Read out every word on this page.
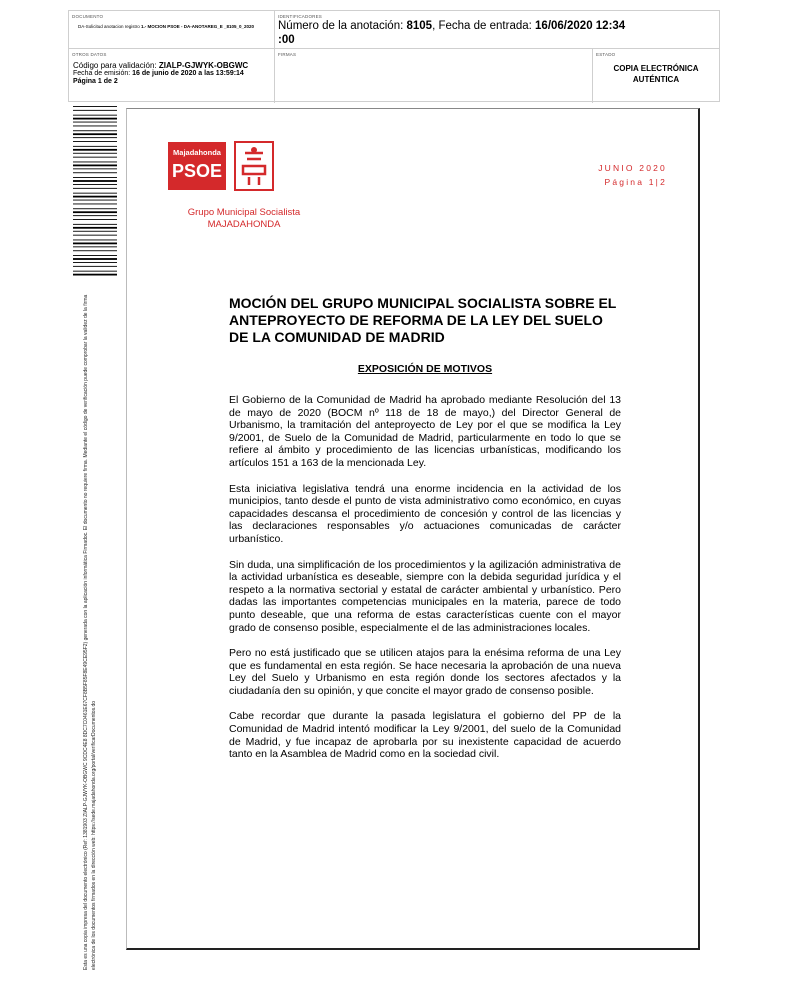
DOCUMENTO
DA-Solicitud anotacion registro 1.- MOCION PSOE - DA-ANOTAREG_E _8105_0_2020
IDENTIFICADORES
Número de la anotación: 8105, Fecha de entrada: 16/06/2020 12:34 :00
OTROS DATOS
Código para validación: ZIALP-GJWYK-OBGWC
Fecha de emisión: 16 de junio de 2020 a las 13:59:14
Página 1 de 2
FIRMAS	ESTADO
COPIA ELECTRÓNICA AUTÉNTICA
Esta es una copia impresa del documento electrónico (Ref: 1381903 ZIALP-GJWYK-OBGWC 9CDC4E8 8DC7C0461E67CF8B5F85F8E49CE95F2) generada con la aplicación informática Firmadoc. El documento no requiere firma. Mediante el código de verificación puede comprobar la validez de la firma electrónica de los documentos firmados en la dirección web: https://sede.majadahonda.org/portal/verificarDocumentos.do
Majadahonda
PSOE
Grupo Municipal Socialista
MAJADAHONDA
JUNIO 2020
Página 1|2
MOCIÓN DEL GRUPO MUNICIPAL SOCIALISTA SOBRE EL ANTEPROYECTO DE REFORMA DE LA LEY DEL SUELO DE LA COMUNIDAD DE MADRID
EXPOSICIÓN DE MOTIVOS

El Gobierno de la Comunidad de Madrid ha aprobado mediante Resolución del 13 de mayo de 2020 (BOCM nº 118 de 18 de mayo,) del Director General de Urbanismo, la tramitación del anteproyecto de Ley por el que se modifica la Ley 9/2001, de Suelo de la Comunidad de Madrid, particularmente en todo lo que se refiere al ámbito y procedimiento de las licencias urbanísticas, modificando los artículos 151 a 163 de la mencionada Ley.

Esta iniciativa legislativa tendrá una enorme incidencia en la actividad de los municipios, tanto desde el punto de vista administrativo como económico, en cuyas capacidades descansa el procedimiento de concesión y control de las licencias y las declaraciones responsables y/o actuaciones comunicadas de carácter urbanístico.

Sin duda, una simplificación de los procedimientos y la agilización administrativa de la actividad urbanística es deseable, siempre con la debida seguridad jurídica y el respeto a la normativa sectorial y estatal de carácter ambiental y urbanístico. Pero dadas las importantes competencias municipales en la materia, parece de todo punto deseable, que una reforma de estas características cuente con el mayor grado de consenso posible, especialmente el de las administraciones locales.

Pero no está justificado que se utilicen atajos para la enésima reforma de una Ley que es fundamental en esta región. Se hace necesaria la aprobación de una nueva Ley del Suelo y Urbanismo en esta región donde los sectores afectados y la ciudadanía den su opinión, y que concite el mayor grado de consenso posible.

Cabe recordar que durante la pasada legislatura el gobierno del PP de la Comunidad de Madrid intentó modificar la Ley 9/2001, del suelo de la Comunidad de Madrid, y fue incapaz de aprobarla por su inexistente capacidad de acuerdo tanto en la Asamblea de Madrid como en la sociedad civil.
